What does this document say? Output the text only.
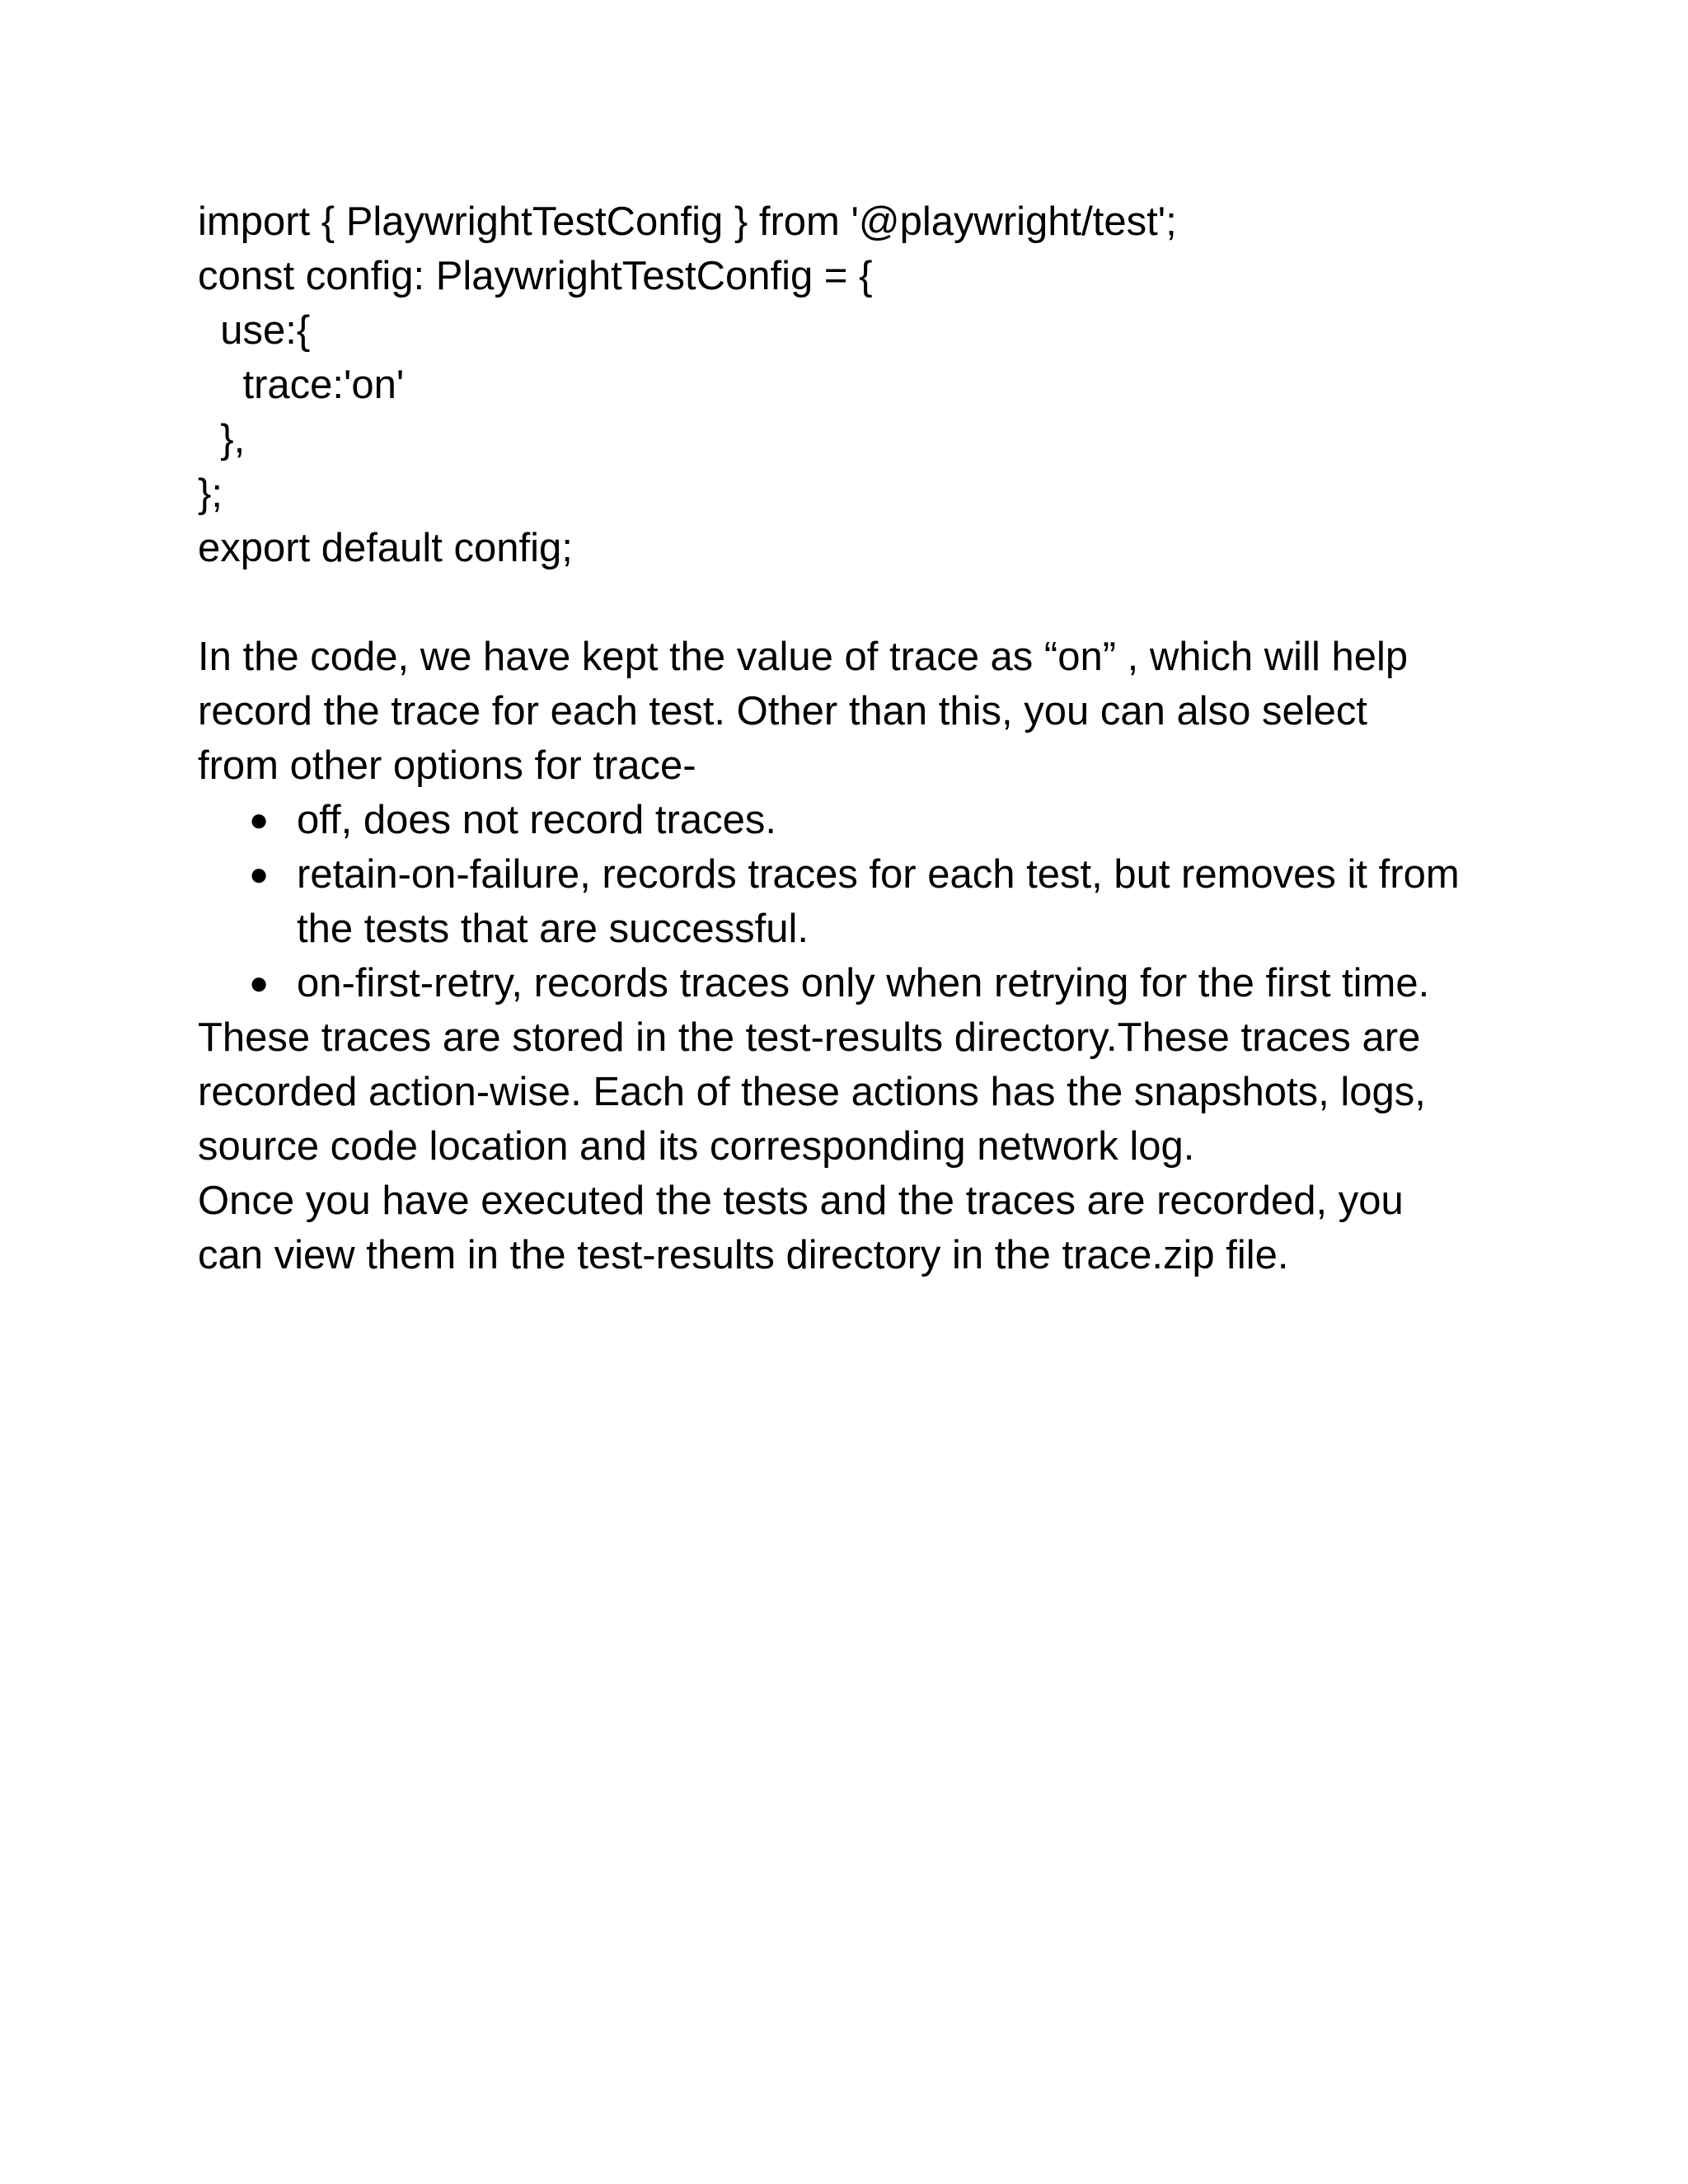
import { PlaywrightTestConfig } from '@playwright/test';

const config: PlaywrightTestConfig = {

use:{

trace:'on'

},

};

export default config;

In the code, we have kept the value of trace as “on” , which will help

record the trace for each test. Other than this, you can also select

from other options for trace-

● off, does not record traces.

● retain-on-failure, records traces for each test, but removes it from

the tests that are successful.

● on-first-retry, records traces only when retrying for the first time.

These traces are stored in the test-results directory.These traces are

recorded action-wise. Each of these actions has the snapshots, logs,

source code location and its corresponding network log.

Once you have executed the tests and the traces are recorded, you

can view them in the test-results directory in the trace.zip file.
